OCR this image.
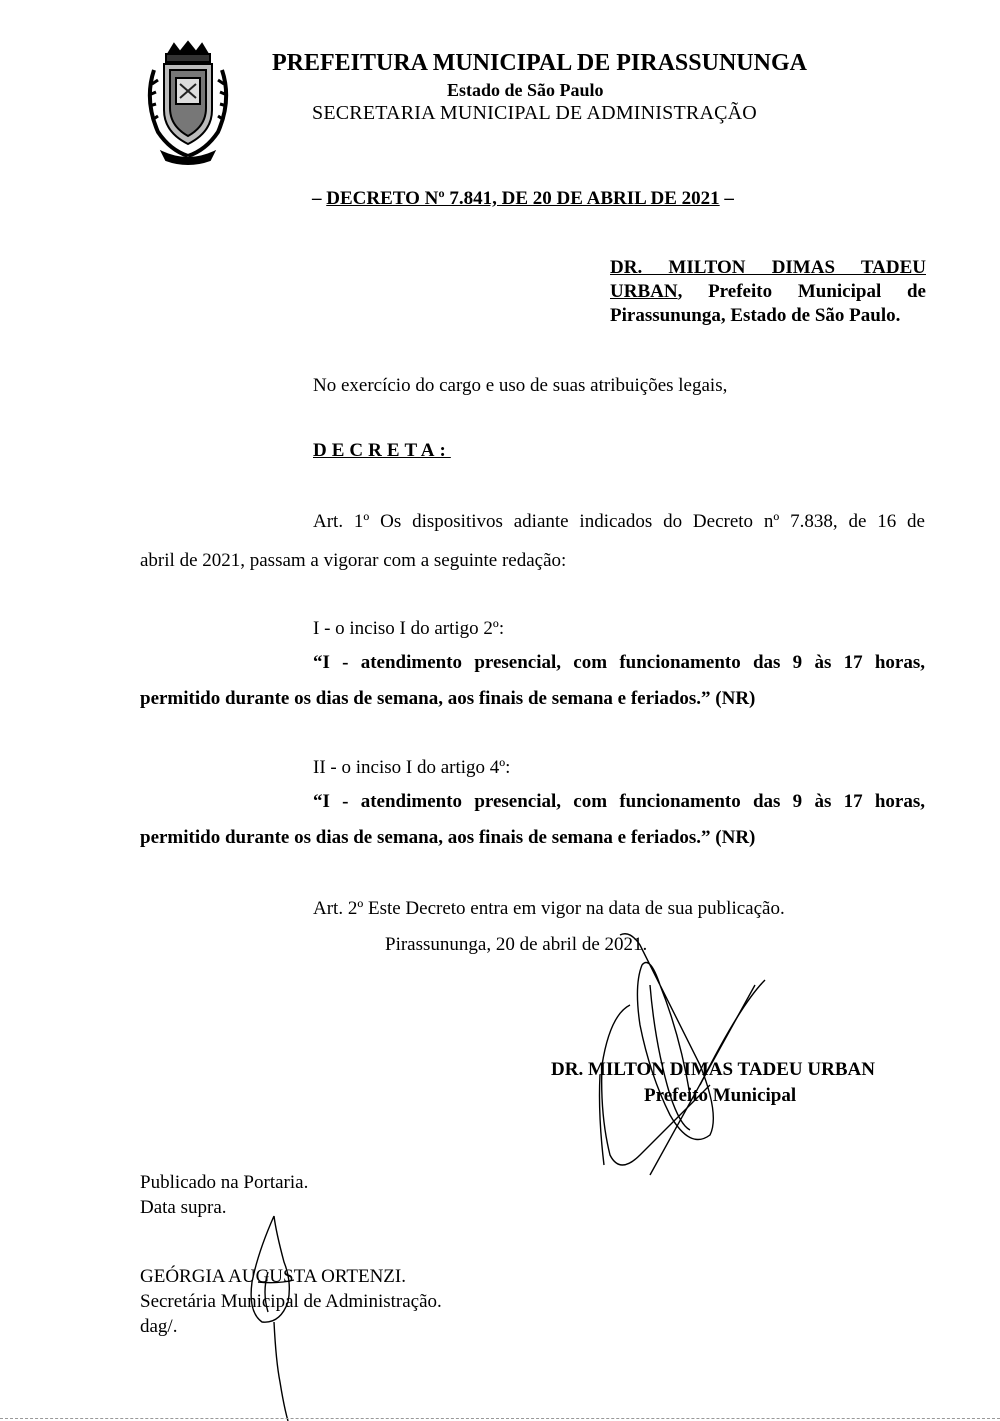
PREFEITURA MUNICIPAL DE PIRASSUNUNGA
Estado de São Paulo
SECRETARIA MUNICIPAL DE ADMINISTRAÇÃO
– DECRETO Nº 7.841, DE 20 DE ABRIL DE 2021 –
DR. MILTON DIMAS TADEU URBAN, Prefeito Municipal de Pirassununga, Estado de São Paulo.
No exercício do cargo e uso de suas atribuições legais,
DECRETA:
Art. 1º Os dispositivos adiante indicados do Decreto nº 7.838, de 16 de
abril de 2021, passam a vigorar com a seguinte redação:
I - o inciso I do artigo 2º:
“I - atendimento presencial, com funcionamento das 9 às 17 horas,
permitido durante os dias de semana, aos finais de semana e feriados.” (NR)
II - o inciso I do artigo 4º:
“I - atendimento presencial, com funcionamento das 9 às 17 horas,
permitido durante os dias de semana, aos finais de semana e feriados.” (NR)
Art. 2º Este Decreto entra em vigor na data de sua publicação.
Pirassununga, 20 de abril de 2021.
DR. MILTON DIMAS TADEU URBAN
Prefeito Municipal
Publicado na Portaria.
Data supra.
GEÓRGIA AUGUSTA ORTENZI.
Secretária Municipal de Administração.
dag/.
